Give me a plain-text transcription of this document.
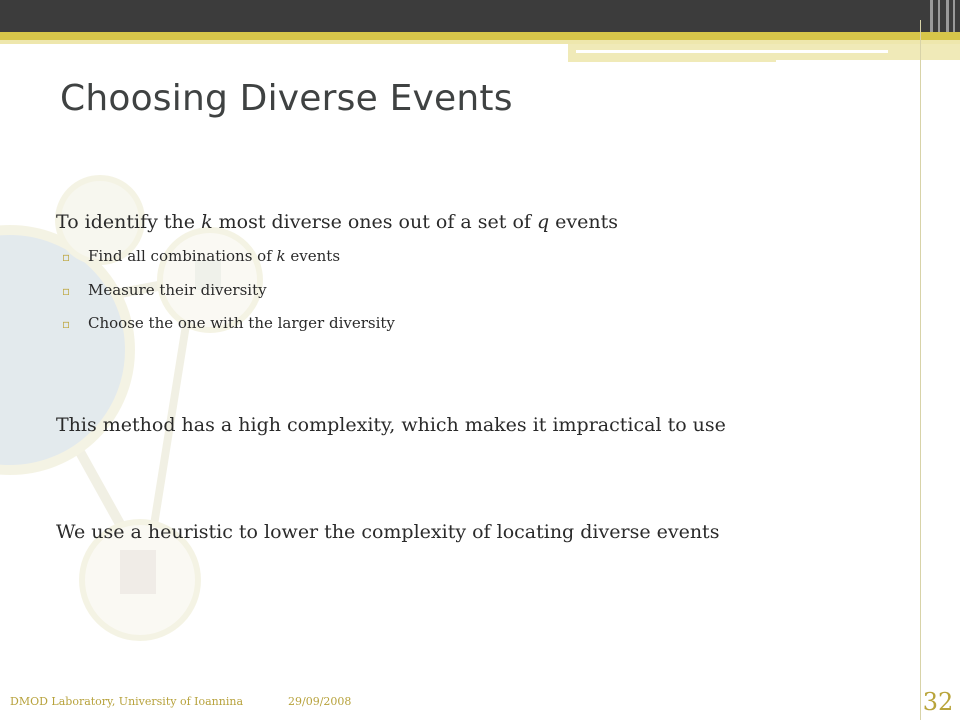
Choosing Diverse Events
To identify the k most diverse ones out of a set of q events
▫ Find all combinations of k events
▫ Measure their diversity
▫ Choose the one with the larger diversity
This method has a high complexity, which makes it impractical to use
We use a heuristic to lower the complexity of locating diverse events
DMOD Laboratory, University of Ioannina	29/09/2008	32
